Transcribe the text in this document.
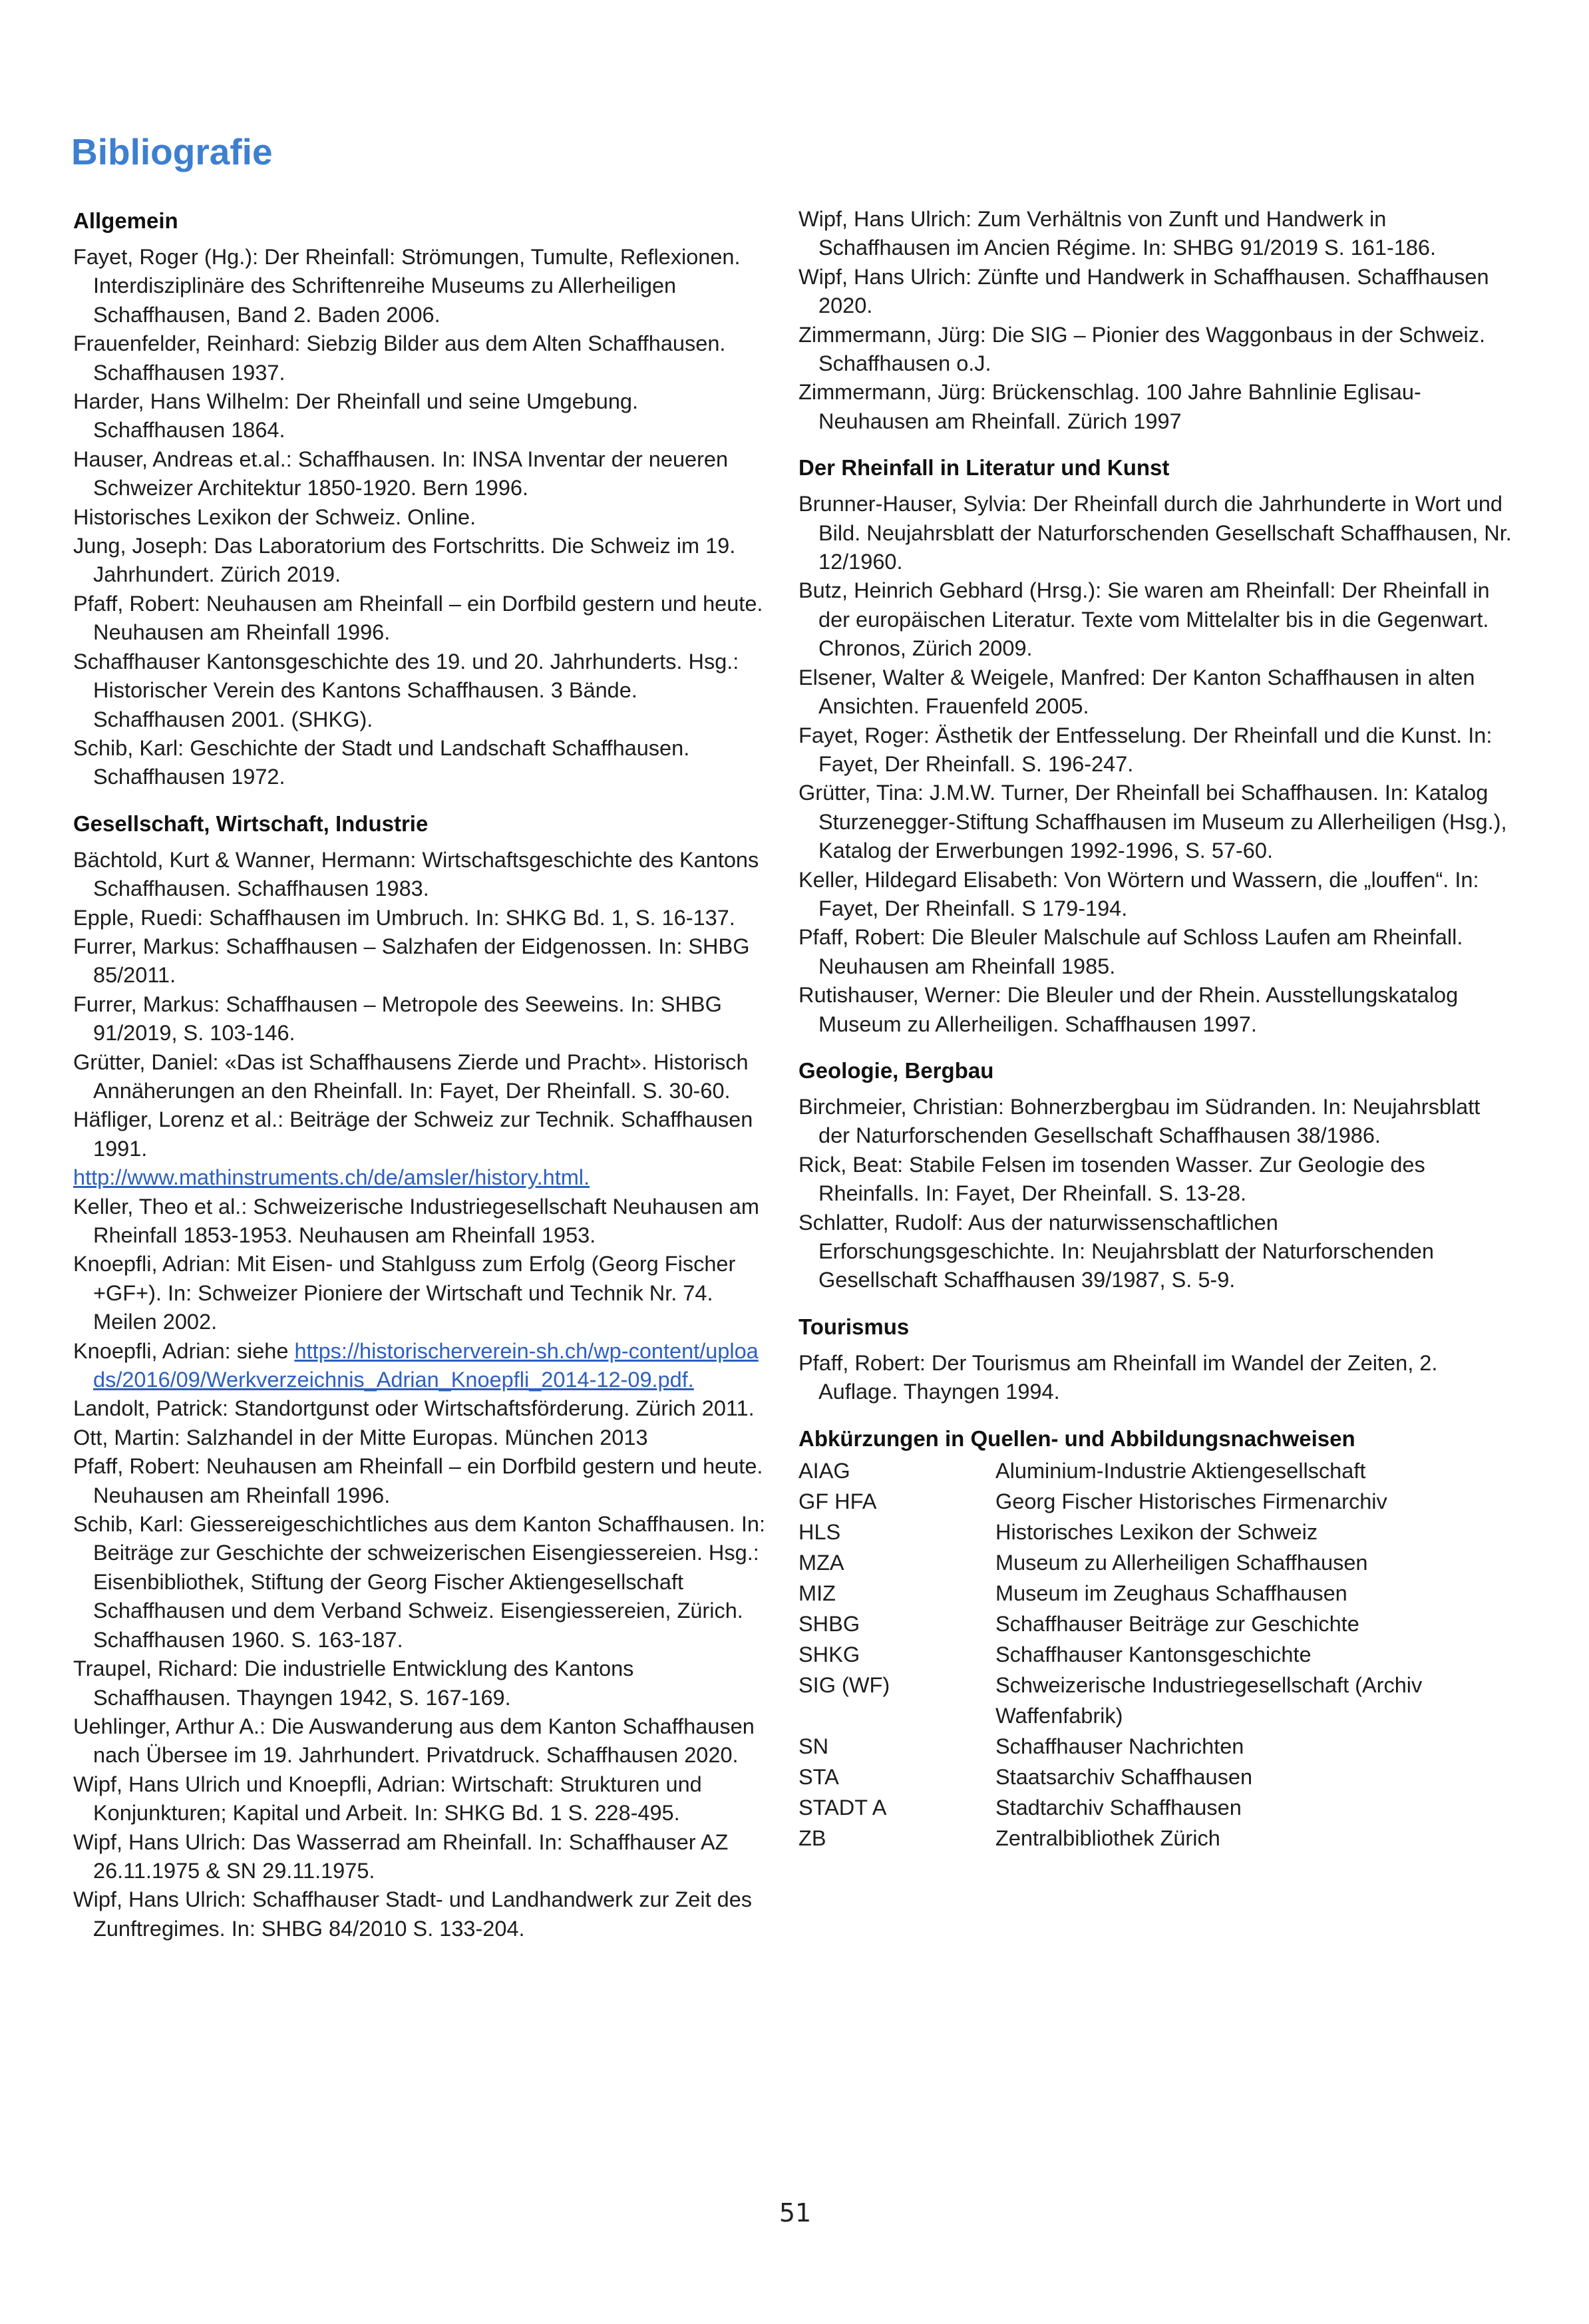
Bibliografie
Allgemein
Fayet, Roger (Hg.): Der Rheinfall: Strömungen, Tumulte, Reflexionen. Interdisziplinäre des Schriftenreihe Museums zu Allerheiligen Schaffhausen, Band 2. Baden 2006.
Frauenfelder, Reinhard: Siebzig Bilder aus dem Alten Schaffhausen. Schaffhausen 1937.
Harder, Hans Wilhelm: Der Rheinfall und seine Umgebung. Schaffhausen 1864.
Hauser, Andreas et.al.: Schaffhausen. In: INSA Inventar der neueren Schweizer Architektur 1850-1920. Bern 1996.
Historisches Lexikon der Schweiz. Online.
Jung, Joseph: Das Laboratorium des Fortschritts. Die Schweiz im 19. Jahrhundert. Zürich 2019.
Pfaff, Robert: Neuhausen am Rheinfall – ein Dorfbild gestern und heute. Neuhausen am Rheinfall 1996.
Schaffhauser Kantonsgeschichte des 19. und 20. Jahrhunderts. Hsg.: Historischer Verein des Kantons Schaffhausen. 3 Bände. Schaffhausen 2001. (SHKG).
Schib, Karl: Geschichte der Stadt und Landschaft Schaffhausen. Schaffhausen 1972.
Gesellschaft, Wirtschaft, Industrie
Bächtold, Kurt & Wanner, Hermann: Wirtschaftsgeschichte des Kantons Schaffhausen. Schaffhausen 1983.
Epple, Ruedi: Schaffhausen im Umbruch. In: SHKG Bd. 1, S. 16-137.
Furrer, Markus: Schaffhausen – Salzhafen der Eidgenossen. In: SHBG 85/2011.
Furrer, Markus: Schaffhausen – Metropole des Seeweins. In: SHBG 91/2019, S. 103-146.
Grütter, Daniel: «Das ist Schaffhausens Zierde und Pracht». Historisch Annäherungen an den Rheinfall. In: Fayet, Der Rheinfall. S. 30-60.
Häfliger, Lorenz et al.: Beiträge der Schweiz zur Technik. Schaffhausen 1991.
http://www.mathinstruments.ch/de/amsler/history.html.
Keller, Theo et al.: Schweizerische Industriegesellschaft Neuhausen am Rheinfall 1853-1953. Neuhausen am Rheinfall 1953.
Knoepfli, Adrian: Mit Eisen- und Stahlguss zum Erfolg (Georg Fischer +GF+). In: Schweizer Pioniere der Wirtschaft und Technik Nr. 74. Meilen 2002.
Knoepfli, Adrian: siehe https://historischerverein-sh.ch/wp-content/uploads/2016/09/Werkverzeichnis_Adrian_Knoepfli_2014-12-09.pdf.
Landolt, Patrick: Standortgunst oder Wirtschaftsförderung. Zürich 2011.
Ott, Martin: Salzhandel in der Mitte Europas. München 2013
Pfaff, Robert: Neuhausen am Rheinfall – ein Dorfbild gestern und heute. Neuhausen am Rheinfall 1996.
Schib, Karl: Giessereigeschichtliches aus dem Kanton Schaffhausen. In: Beiträge zur Geschichte der schweizerischen Eisengiessereien. Hsg.: Eisenbibliothek, Stiftung der Georg Fischer Aktiengesellschaft Schaffhausen und dem Verband Schweiz. Eisengiessereien, Zürich. Schaffhausen 1960. S. 163-187.
Traupel, Richard: Die industrielle Entwicklung des Kantons Schaffhausen. Thayngen 1942, S. 167-169.
Uehlinger, Arthur A.: Die Auswanderung aus dem Kanton Schaffhausen nach Übersee im 19. Jahrhundert. Privatdruck. Schaffhausen 2020.
Wipf, Hans Ulrich und Knoepfli, Adrian: Wirtschaft: Strukturen und Konjunkturen; Kapital und Arbeit. In: SHKG Bd. 1 S. 228-495.
Wipf, Hans Ulrich: Das Wasserrad am Rheinfall. In: Schaffhauser AZ 26.11.1975 & SN 29.11.1975.
Wipf, Hans Ulrich: Schaffhauser Stadt- und Landhandwerk zur Zeit des Zunftregimes. In: SHBG 84/2010 S. 133-204.
Wipf, Hans Ulrich: Zum Verhältnis von Zunft und Handwerk in Schaffhausen im Ancien Régime. In: SHBG 91/2019 S. 161-186.
Wipf, Hans Ulrich: Zünfte und Handwerk in Schaffhausen. Schaffhausen 2020.
Zimmermann, Jürg: Die SIG – Pionier des Waggonbaus in der Schweiz. Schaffhausen o.J.
Zimmermann, Jürg: Brückenschlag. 100 Jahre Bahnlinie Eglisau-Neuhausen am Rheinfall. Zürich 1997
Der Rheinfall in Literatur und Kunst
Brunner-Hauser, Sylvia: Der Rheinfall durch die Jahrhunderte in Wort und Bild. Neujahrsblatt der Naturforschenden Gesellschaft Schaffhausen, Nr. 12/1960.
Butz, Heinrich Gebhard (Hrsg.): Sie waren am Rheinfall: Der Rheinfall in der europäischen Literatur. Texte vom Mittelalter bis in die Gegenwart. Chronos, Zürich 2009.
Elsener, Walter & Weigele, Manfred: Der Kanton Schaffhausen in alten Ansichten. Frauenfeld 2005.
Fayet, Roger: Ästhetik der Entfesselung. Der Rheinfall und die Kunst. In: Fayet, Der Rheinfall. S. 196-247.
Grütter, Tina: J.M.W. Turner, Der Rheinfall bei Schaffhausen. In: Katalog Sturzenegger-Stiftung Schaffhausen im Museum zu Allerheiligen (Hsg.), Katalog der Erwerbungen 1992-1996, S. 57-60.
Keller, Hildegard Elisabeth: Von Wörtern und Wassern, die „louffen“. In: Fayet, Der Rheinfall. S 179-194.
Pfaff, Robert: Die Bleuler Malschule auf Schloss Laufen am Rheinfall. Neuhausen am Rheinfall 1985.
Rutishauser, Werner: Die Bleuler und der Rhein. Ausstellungskatalog Museum zu Allerheiligen. Schaffhausen 1997.
Geologie, Bergbau
Birchmeier, Christian: Bohnerzbergbau im Südranden. In: Neujahrsblatt der Naturforschenden Gesellschaft Schaffhausen 38/1986.
Rick, Beat: Stabile Felsen im tosenden Wasser. Zur Geologie des Rheinfalls. In: Fayet, Der Rheinfall. S. 13-28.
Schlatter, Rudolf: Aus der naturwissenschaftlichen Erforschungsgeschichte. In: Neujahrsblatt der Naturforschenden Gesellschaft Schaffhausen 39/1987, S. 5-9.
Tourismus
Pfaff, Robert: Der Tourismus am Rheinfall im Wandel der Zeiten, 2. Auflage. Thayngen 1994.
Abkürzungen in Quellen- und Abbildungsnachweisen
AIAG	Aluminium-Industrie Aktiengesellschaft
GF HFA	Georg Fischer Historisches Firmenarchiv
HLS	Historisches Lexikon der Schweiz
MZA	Museum zu Allerheiligen Schaffhausen
MIZ	Museum im Zeughaus Schaffhausen
SHBG	Schaffhauser Beiträge zur Geschichte
SHKG	Schaffhauser Kantonsgeschichte
SIG (WF)	Schweizerische Industriegesellschaft (Archiv Waffenfabrik)
SN	Schaffhauser Nachrichten
STA	Staatsarchiv Schaffhausen
STADT A	Stadtarchiv Schaffhausen
ZB	Zentralbibliothek Zürich
51
